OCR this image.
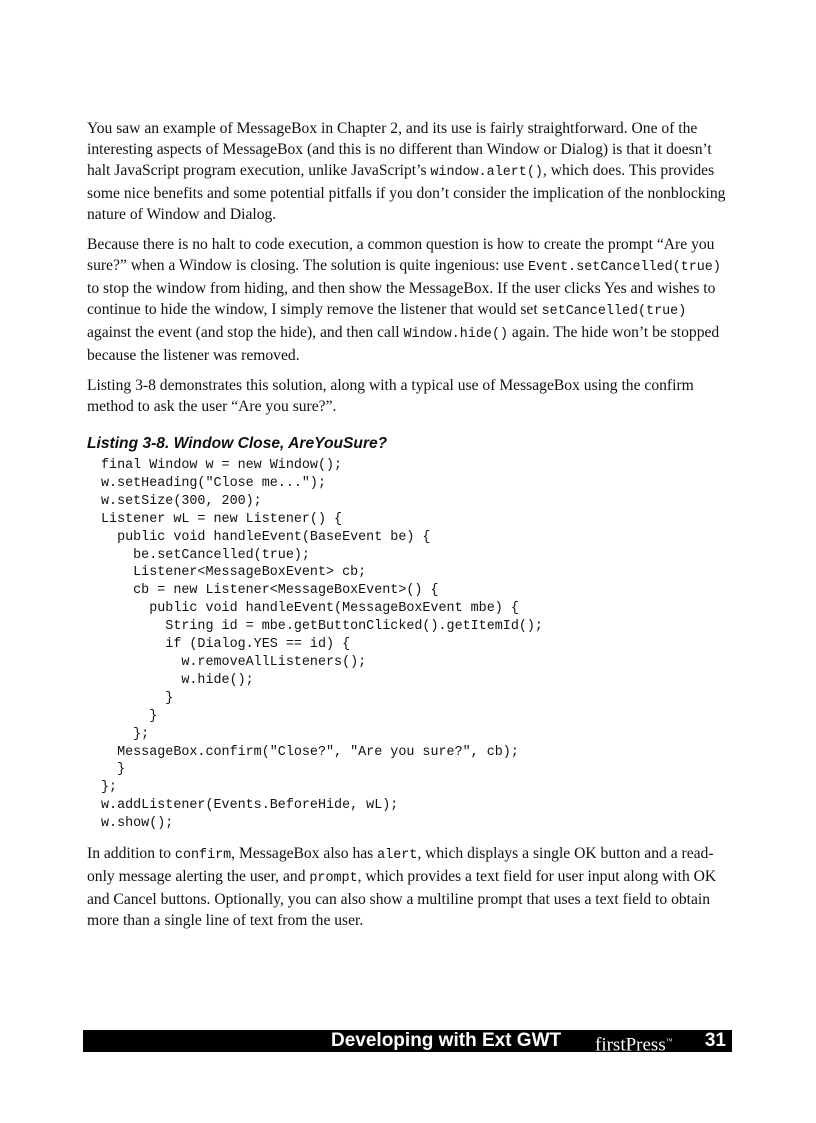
You saw an example of MessageBox in Chapter 2, and its use is fairly straightforward. One of the interesting aspects of MessageBox (and this is no different than Window or Dialog) is that it doesn’t halt JavaScript program execution, unlike JavaScript’s window.alert(), which does. This provides some nice benefits and some potential pitfalls if you don’t consider the implication of the nonblocking nature of Window and Dialog.

Because there is no halt to code execution, a common question is how to create the prompt “Are you sure?” when a Window is closing. The solution is quite ingenious: use Event.setCancelled(true) to stop the window from hiding, and then show the MessageBox. If the user clicks Yes and wishes to continue to hide the window, I simply remove the listener that would set setCancelled(true) against the event (and stop the hide), and then call Window.hide() again. The hide won’t be stopped because the listener was removed.

Listing 3-8 demonstrates this solution, along with a typical use of MessageBox using the confirm method to ask the user “Are you sure?”.

Listing 3-8. Window Close, AreYouSure?
final Window w = new Window();
w.setHeading("Close me...");
w.setSize(300, 200);
Listener wL = new Listener() {
public void handleEvent(BaseEvent be) {
be.setCancelled(true);
Listener<MessageBoxEvent> cb;
cb = new Listener<MessageBoxEvent>() {
public void handleEvent(MessageBoxEvent mbe) {
String id = mbe.getButtonClicked().getItemId();
if (Dialog.YES == id) {
w.removeAllListeners();
w.hide();
}
}
};
MessageBox.confirm("Close?", "Are you sure?", cb);
}
};
w.addListener(Events.BeforeHide, wL);
w.show();

In addition to confirm, MessageBox also has alert, which displays a single OK button and a read-only message alerting the user, and prompt, which provides a text field for user input along with OK and Cancel buttons. Optionally, you can also show a multiline prompt that uses a text field to obtain more than a single line of text from the user.

Developing with Ext GWT firstPress™ 31
